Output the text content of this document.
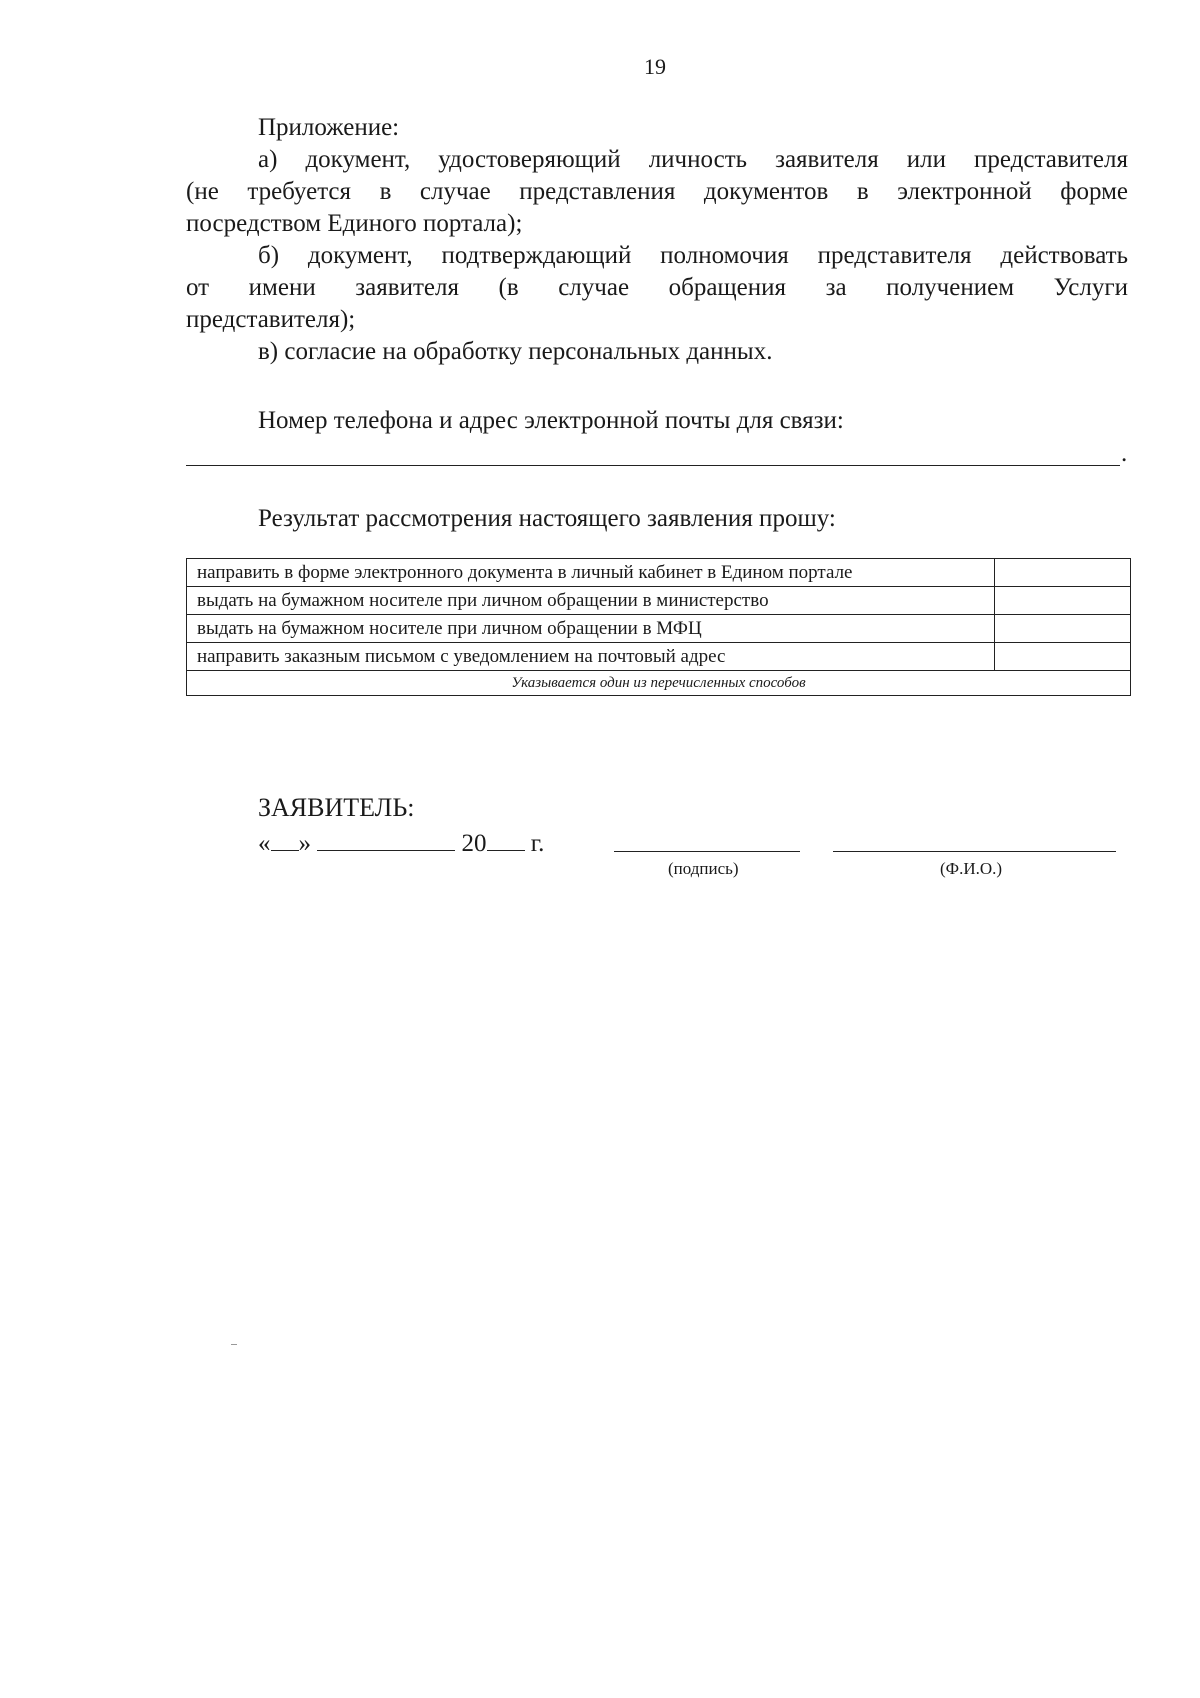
19
Приложение:
а) документ, удостоверяющий личность заявителя или представителя
(не требуется в случае представления документов в электронной форме
посредством Единого портала);
б) документ, подтверждающий полномочия представителя действовать
от имени заявителя (в случае обращения за получением Услуги
представителя);
в) согласие на обработку персональных данных.
Номер телефона и адрес электронной почты для связи:
.
Результат рассмотрения настоящего заявления прошу:
направить в форме электронного документа в личный кабинет в Едином портале	
выдать на бумажном носителе при личном обращении в министерство	
выдать на бумажном носителе при личном обращении в МФЦ	
направить заказным письмом с уведомлением на почтовый адрес	
Указывается один из перечисленных способов	
ЗАЯВИТЕЛЬ:
« »	20 г.
(подпись)	(Ф.И.О.)
